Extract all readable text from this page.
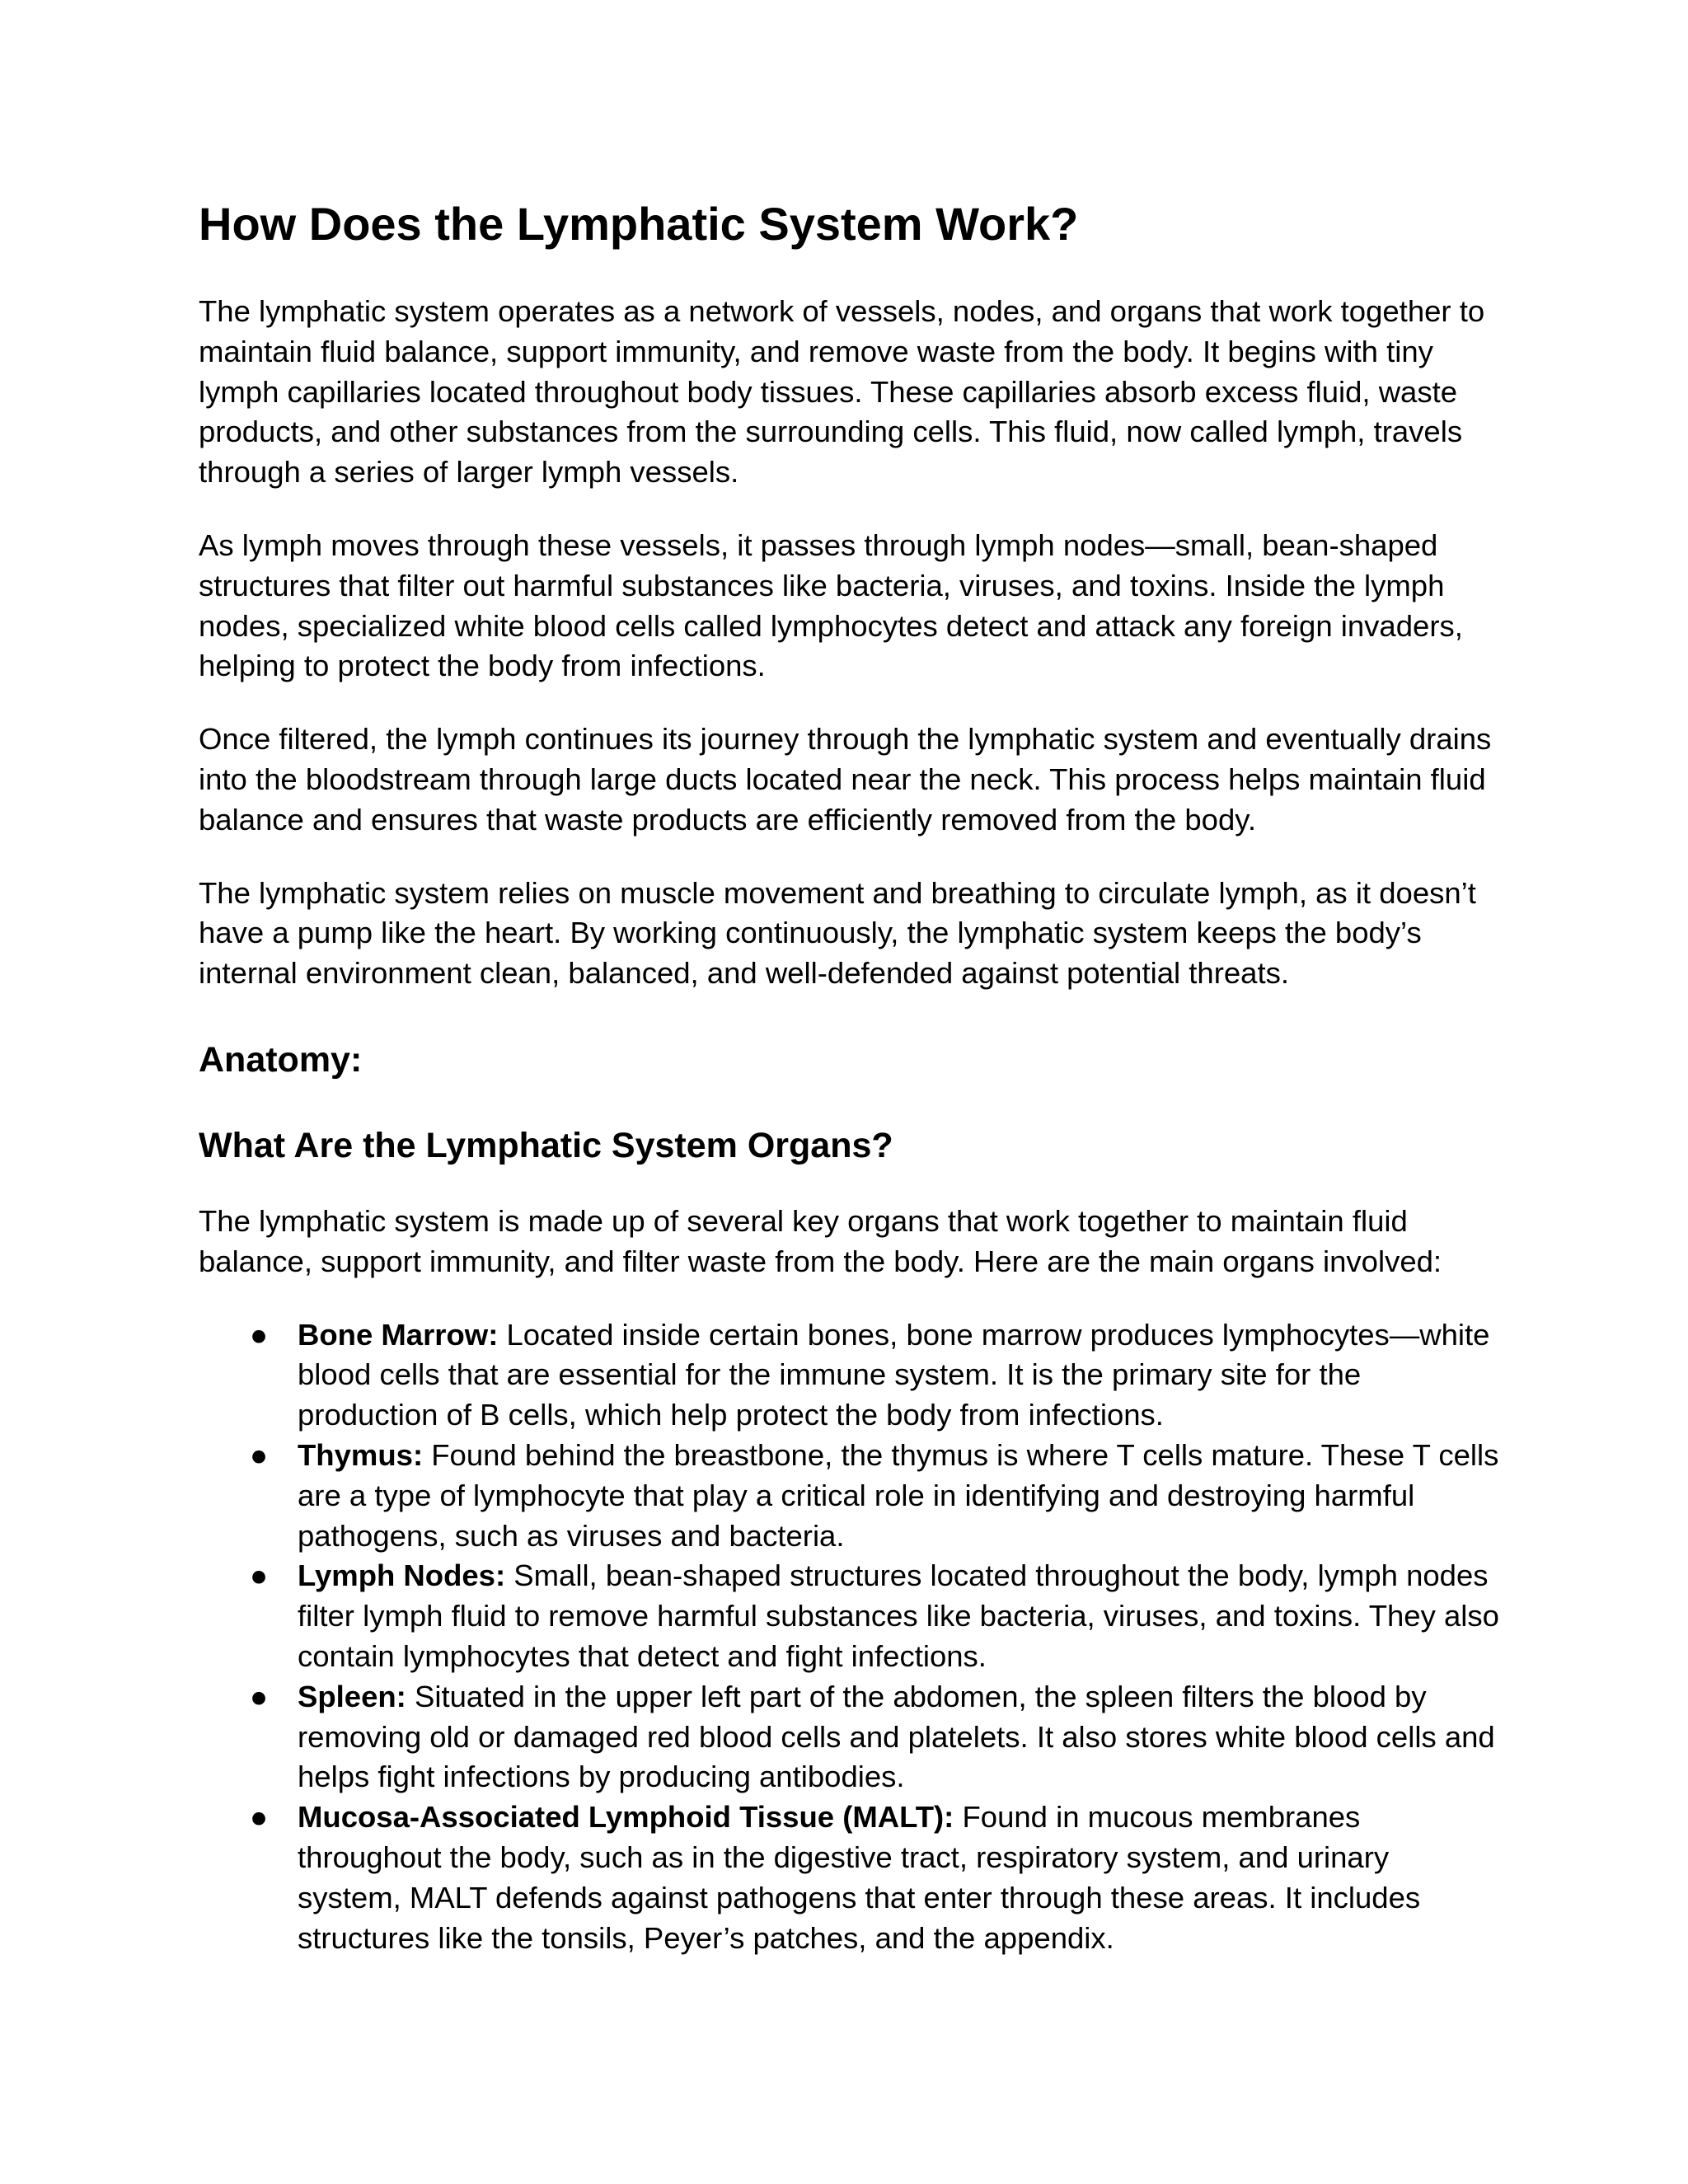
How Does the Lymphatic System Work?

The lymphatic system operates as a network of vessels, nodes, and organs that work together to maintain fluid balance, support immunity, and remove waste from the body. It begins with tiny lymph capillaries located throughout body tissues. These capillaries absorb excess fluid, waste products, and other substances from the surrounding cells. This fluid, now called lymph, travels through a series of larger lymph vessels.

As lymph moves through these vessels, it passes through lymph nodes—small, bean-shaped structures that filter out harmful substances like bacteria, viruses, and toxins. Inside the lymph nodes, specialized white blood cells called lymphocytes detect and attack any foreign invaders, helping to protect the body from infections.

Once filtered, the lymph continues its journey through the lymphatic system and eventually drains into the bloodstream through large ducts located near the neck. This process helps maintain fluid balance and ensures that waste products are efficiently removed from the body.

The lymphatic system relies on muscle movement and breathing to circulate lymph, as it doesn’t have a pump like the heart. By working continuously, the lymphatic system keeps the body’s internal environment clean, balanced, and well-defended against potential threats.

Anatomy:
What Are the Lymphatic System Organs?

The lymphatic system is made up of several key organs that work together to maintain fluid balance, support immunity, and filter waste from the body. Here are the main organs involved:

● Bone Marrow: Located inside certain bones, bone marrow produces lymphocytes—white blood cells that are essential for the immune system. It is the primary site for the production of B cells, which help protect the body from infections.
● Thymus: Found behind the breastbone, the thymus is where T cells mature. These T cells are a type of lymphocyte that play a critical role in identifying and destroying harmful pathogens, such as viruses and bacteria.
● Lymph Nodes: Small, bean-shaped structures located throughout the body, lymph nodes filter lymph fluid to remove harmful substances like bacteria, viruses, and toxins. They also contain lymphocytes that detect and fight infections.
● Spleen: Situated in the upper left part of the abdomen, the spleen filters the blood by removing old or damaged red blood cells and platelets. It also stores white blood cells and helps fight infections by producing antibodies.
● Mucosa-Associated Lymphoid Tissue (MALT): Found in mucous membranes throughout the body, such as in the digestive tract, respiratory system, and urinary system, MALT defends against pathogens that enter through these areas. It includes structures like the tonsils, Peyer’s patches, and the appendix.
